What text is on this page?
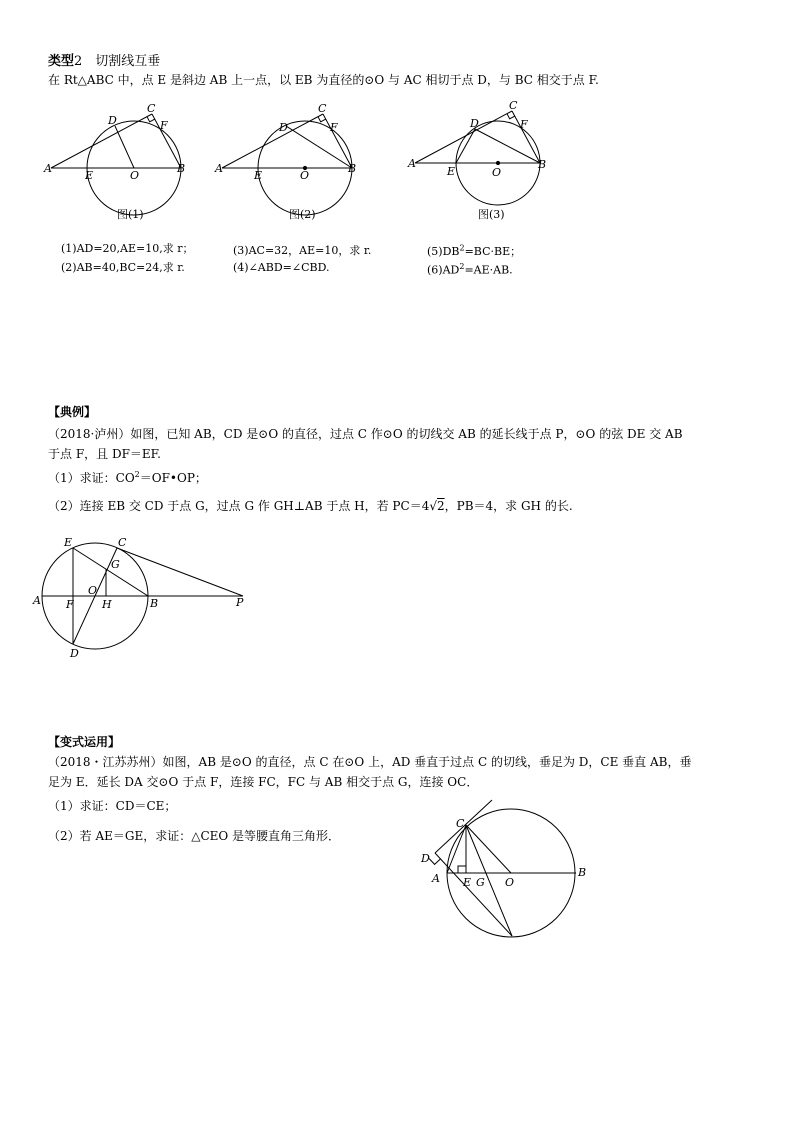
类型2　切割线互垂
在 Rt△ABC 中，点 E 是斜边 AB 上一点，以 EB 为直径的⊙O 与 AC 相切于点 D，与 BC 相交于点 F.
A	B
C
D
E
F
O
图(1)
A	B
C
D
E
F
O
图(2)
A	B
C
D
E
F
O
图(3)
(1)AD=20,AE=10,求 r；
(2)AB=40,BC=24,求 r.
(3)AC=32，AE=10，求 r.
(4)∠ABD=∠CBD.
$(5)DB^2=BC\cdot BE$；
$(6)AD^2=AE\cdot AB$.
【典例】
（2018·泸州）如图，已知 AB，CD 是⊙O 的直径，过点 C 作⊙O 的切线交 AB 的延长线于点 P，⊙O 的弦 DE 交 AB
于点 F，且 DF＝EF.
（1）求证：$CO^2=OF•OP$；
（2）连接 EB 交 CD 于点 G，过点 G 作 GH⊥AB 于点 H，若 PC＝4√2，PB＝4，求 GH 的长.
A	B
C
D
E
F
G
H
O
P
【变式运用】
（2018・江苏苏州）如图，AB 是⊙O 的直径，点 C 在⊙O 上，AD 垂直于过点 C 的切线，垂足为 D，CE 垂直 AB，垂
足为 E．延长 DA 交⊙O 于点 F，连接 FC，FC 与 AB 相交于点 G，连接 OC．
（1）求证：CD＝CE；
（2）若 AE＝GE，求证：△CEO 是等腰直角三角形．
C
D
A E G O
B
